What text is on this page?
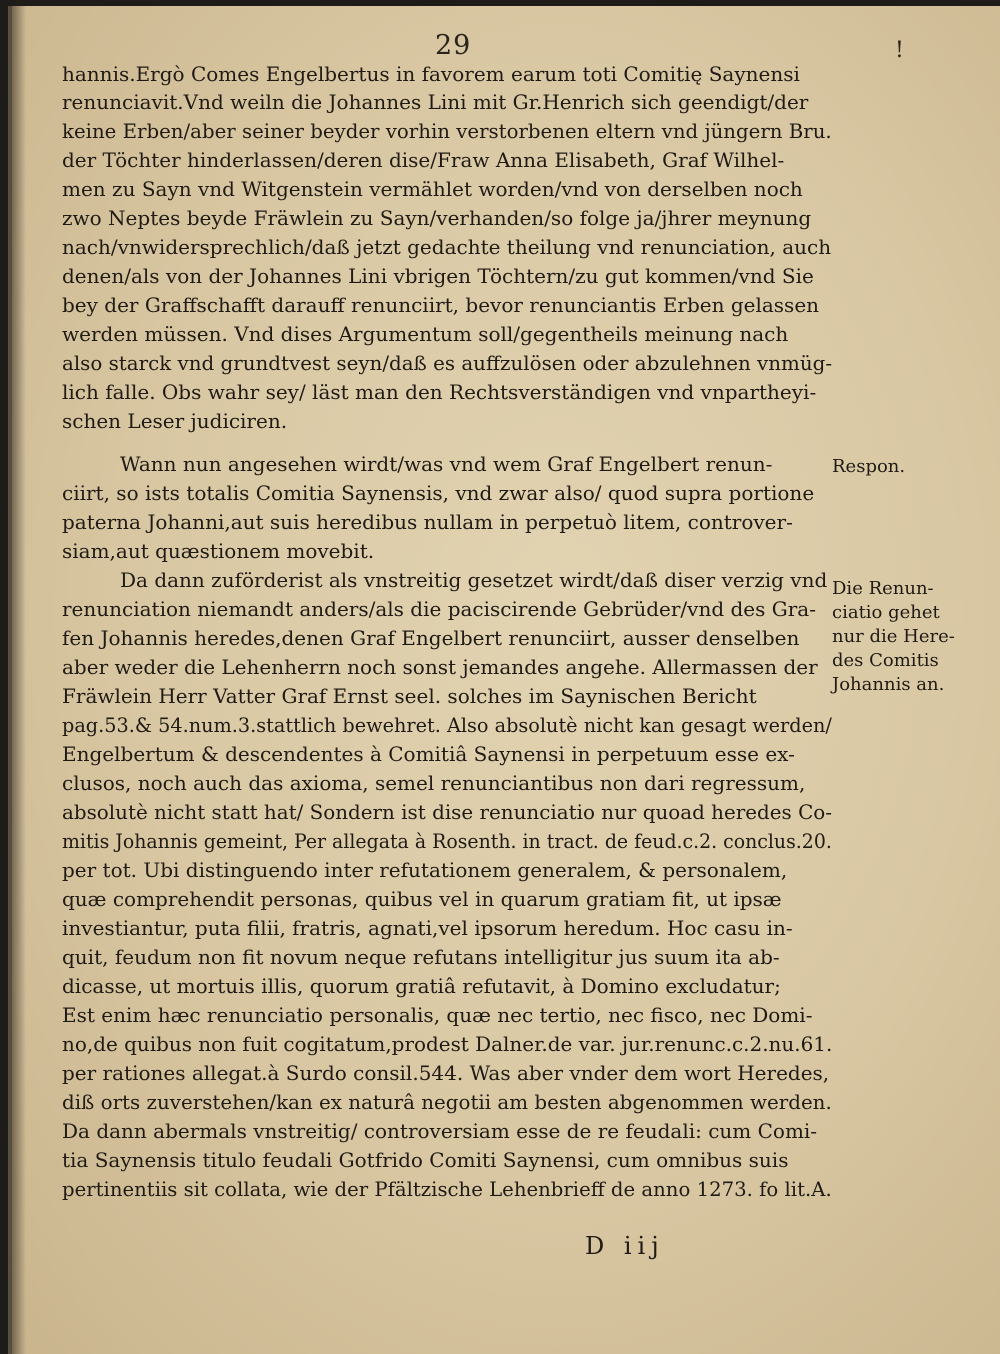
29	!
hannis.Ergò Comes Engelbertus in favorem earum toti Comitię Saynensi
renunciavit.Vnd weiln die Johannes Lini mit Gr.Henrich sich geendigt/der
keine Erben/aber seiner beyder vorhin verstorbenen eltern vnd jüngern Bru.
der Töchter hinderlassen/deren dise/Fraw Anna Elisabeth, Graf Wilhel-
men zu Sayn vnd Witgenstein vermählet worden/vnd von derselben noch
zwo Neptes beyde Fräwlein zu Sayn/verhanden/so folge ja/jhrer meynung
nach/vnwidersprechlich/daß jetzt gedachte theilung vnd renunciation, auch
denen/als von der Johannes Lini vbrigen Töchtern/zu gut kommen/vnd Sie
bey der Graffschafft darauff renunciirt, bevor renunciantis Erben gelassen
werden müssen. Vnd dises Argumentum soll/gegentheils meinung nach
also starck vnd grundtvest seyn/daß es auffzulösen oder abzulehnen vnmüg-
lich falle. Obs wahr sey/ läst man den Rechtsverständigen vnd vnpartheyi-
schen Leser judiciren.
Wann nun angesehen wirdt/was vnd wem Graf Engelbert renun-
ciirt, so ists totalis Comitia Saynensis, vnd zwar also/ quod supra portione
paterna Johanni,aut suis heredibus nullam in perpetuò litem, controver-
siam,aut quæstionem movebit.
Da dann zuförderist als vnstreitig gesetzet wirdt/daß diser verzig vnd
renunciation niemandt anders/als die paciscirende Gebrüder/vnd des Gra-
fen Johannis heredes,denen Graf Engelbert renunciirt, ausser denselben
aber weder die Lehenherrn noch sonst jemandes angehe. Allermassen der
Fräwlein Herr Vatter Graf Ernst seel. solches im Saynischen Bericht
pag.53.& 54.num.3.stattlich bewehret. Also absolutè nicht kan gesagt werden/
Engelbertum & descendentes à Comitiâ Saynensi in perpetuum esse ex-
clusos, noch auch das axioma, semel renunciantibus non dari regressum,
absolutè nicht statt hat/ Sondern ist dise renunciatio nur quoad heredes Co-
mitis Johannis gemeint, Per allegata à Rosenth. in tract. de feud.c.2. conclus.20.
per tot. Ubi distinguendo inter refutationem generalem, & personalem,
quæ comprehendit personas, quibus vel in quarum gratiam fit, ut ipsæ
investiantur, puta filii, fratris, agnati,vel ipsorum heredum. Hoc casu in-
quit, feudum non fit novum neque refutans intelligitur jus suum ita ab-
dicasse, ut mortuis illis, quorum gratiâ refutavit, à Domino excludatur;
Est enim hæc renunciatio personalis, quæ nec tertio, nec fisco, nec Domi-
no,de quibus non fuit cogitatum,prodest Dalner.de var. jur.renunc.c.2.nu.61.
per rationes allegat.à Surdo consil.544. Was aber vnder dem wort Heredes,
diß orts zuverstehen/kan ex naturâ negotii am besten abgenommen werden.
Da dann abermals vnstreitig/ controversiam esse de re feudali: cum Comi-
tia Saynensis titulo feudali Gotfrido Comiti Saynensi, cum omnibus suis
pertinentiis sit collata, wie der Pfältzische Lehenbrieff de anno 1273. fo lit.A.
Respon.
Die Renun-
ciatio gehet
nur die Here-
des Comitis
Johannis an.
D iij
